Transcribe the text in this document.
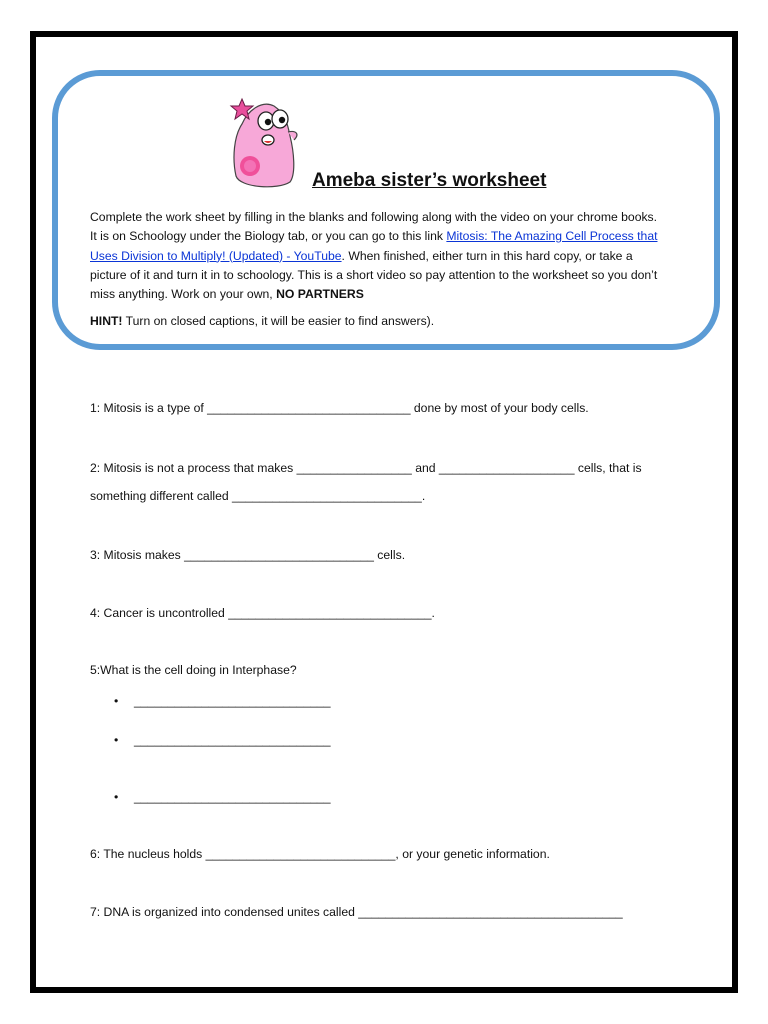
Ameba sister’s worksheet
Complete the work sheet by filling in the blanks and following along with the video on your chrome books. It is on Schoology under the Biology tab, or you can go to this link Mitosis: The Amazing Cell Process that Uses Division to Multiply! (Updated) - YouTube. When finished, either turn in this hard copy, or take a picture of it and turn it in to schoology. This is a short video so pay attention to the worksheet so you don’t miss anything. Work on your own, NO PARTNERS
HINT! Turn on closed captions, it will be easier to find answers).
1: Mitosis is a type of ______________________________ done by most of your body cells.
2: Mitosis is not a process that makes _________________ and ____________________ cells, that is something different called ____________________________.
3: Mitosis makes ____________________________ cells.
4: Cancer is uncontrolled ______________________________.
5:What is the cell doing in Interphase?
• _____________________________
• _____________________________
• _____________________________
6: The nucleus holds ____________________________, or your genetic information.
7: DNA is organized into condensed unites called _______________________________________
